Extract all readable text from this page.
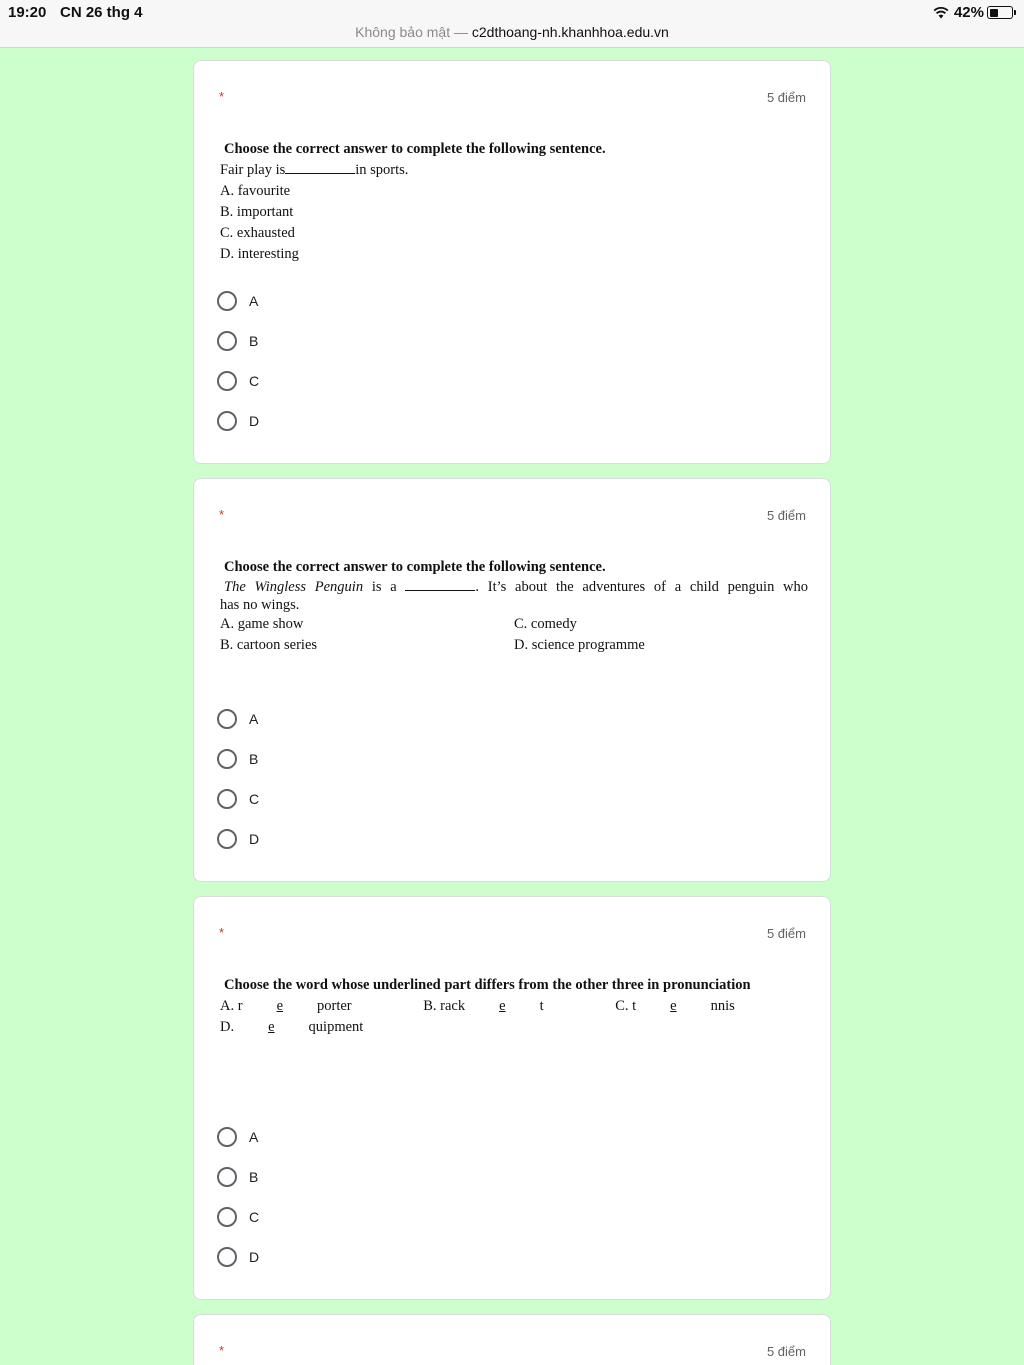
19:20 CN 26 thg 4	42%
Không bảo mật — c2dthoang-nh.khanhhoa.edu.vn
*	5 điểm
Choose the correct answer to complete the following sentence.
Fair play is	in sports.
A. favourite
B. important
C. exhausted
D. interesting
A
B
C
D
*	5 điểm
Choose the correct answer to complete the following sentence.
The Wingless Penguin is a	. It’s about the adventures of a child penguin who
has no wings.
A. game show	C. comedy
B. cartoon series	D. science programme
A
B
C
D
*	5 điểm
Choose the word whose underlined part differs from the other three in pronunciation
A. r e porter	B. rack e t	C. t e nnis D.e quipment
A
B
C
D
*	5 điểm
